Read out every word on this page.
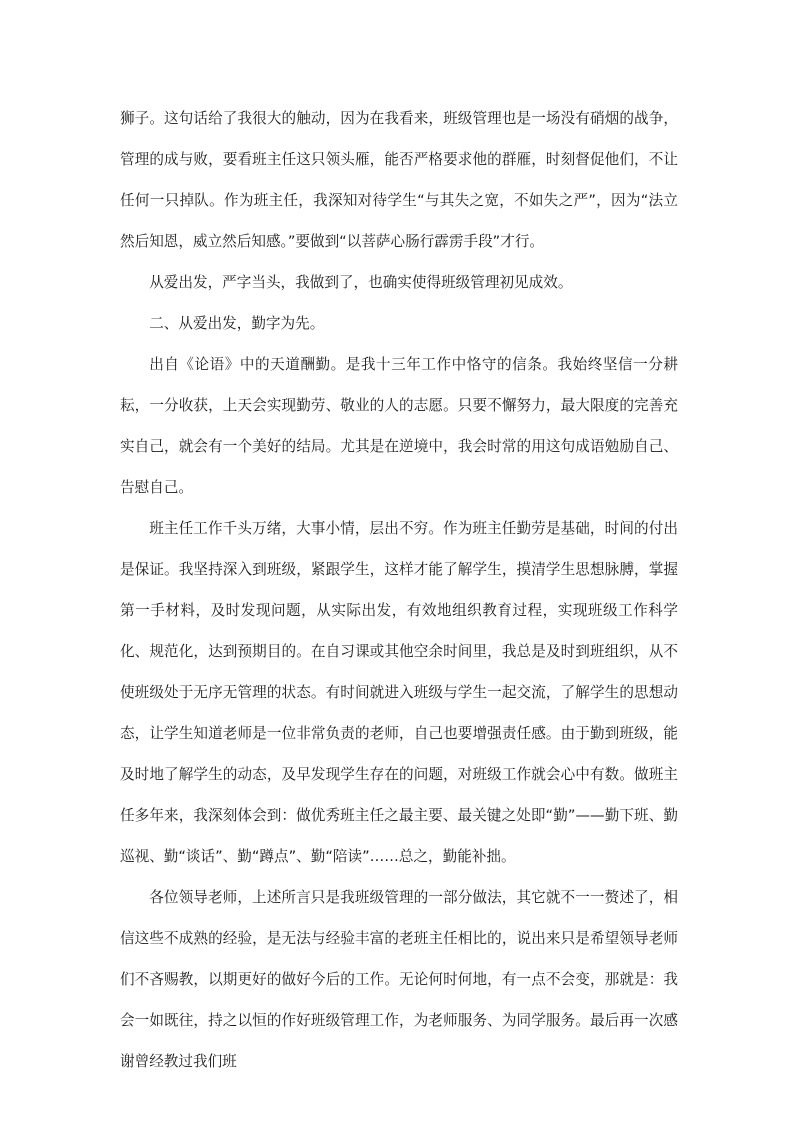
狮子。这句话给了我很大的触动，因为在我看来，班级管理也是一场没有硝烟的战争，管理的成与败，要看班主任这只领头雁，能否严格要求他的群雁，时刻督促他们，不让任何一只掉队。作为班主任，我深知对待学生“与其失之宽，不如失之严”，因为“法立然后知恩，威立然后知感。”要做到“以菩萨心肠行霹雳手段”才行。

从爱出发，严字当头，我做到了，也确实使得班级管理初见成效。

二、从爱出发，勤字为先。

出自《论语》中的天道酬勤。是我十三年工作中恪守的信条。我始终坚信一分耕耘，一分收获，上天会实现勤劳、敬业的人的志愿。只要不懈努力，最大限度的完善充实自己，就会有一个美好的结局。尤其是在逆境中，我会时常的用这句成语勉励自己、告慰自己。

班主任工作千头万绪，大事小情，层出不穷。作为班主任勤劳是基础，时间的付出是保证。我坚持深入到班级，紧跟学生，这样才能了解学生，摸清学生思想脉膊，掌握第一手材料，及时发现问题，从实际出发，有效地组织教育过程，实现班级工作科学化、规范化，达到预期目的。在自习课或其他空余时间里，我总是及时到班组织，从不使班级处于无序无管理的状态。有时间就进入班级与学生一起交流，了解学生的思想动态，让学生知道老师是一位非常负责的老师，自己也要增强责任感。由于勤到班级，能及时地了解学生的动态，及早发现学生存在的问题，对班级工作就会心中有数。做班主任多年来，我深刻体会到：做优秀班主任之最主要、最关键之处即“勤”——勤下班、勤巡视、勤“谈话”、勤“蹲点”、勤“陪读”……总之，勤能补拙。

各位领导老师，上述所言只是我班级管理的一部分做法，其它就不一一赘述了，相信这些不成熟的经验，是无法与经验丰富的老班主任相比的，说出来只是希望领导老师们不吝赐教，以期更好的做好今后的工作。无论何时何地，有一点不会变，那就是：我会一如既往，持之以恒的作好班级管理工作，为老师服务、为同学服务。最后再一次感谢曾经教过我们班
